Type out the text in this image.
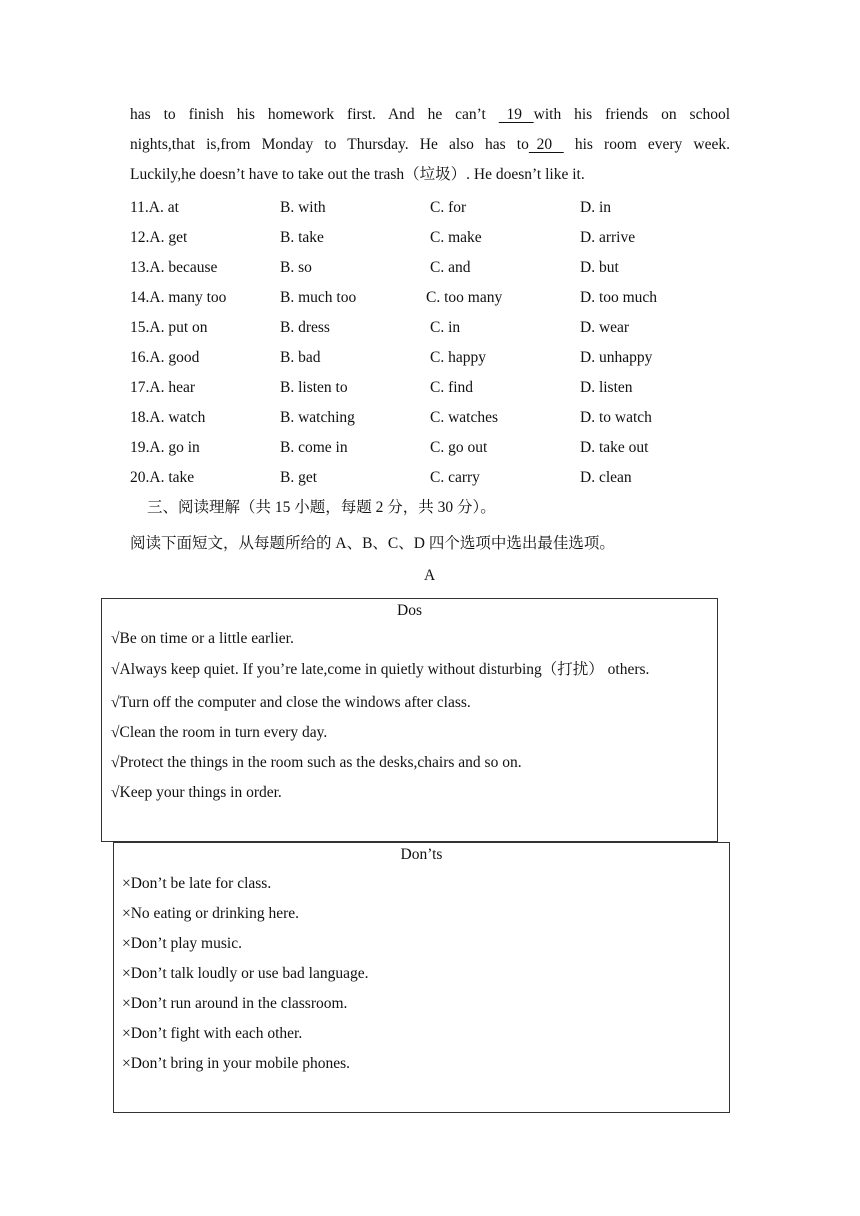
has to finish his homework first. And he can’t   19   with his friends on school
nights,that is,from Monday to Thursday. He also has to  20    his room every week.
Luckily,he doesn’t have to take out the trash（垃圾）. He doesn’t like it.
11.A. at	B. with	C. for	D. in
12.A. get	B. take	C. make	D. arrive
13.A. because	B. so	C. and	D. but
14.A. many too	B. much too	C. too many	D. too much
15.A. put on	B. dress	C. in	D. wear
16.A. good	B. bad	C. happy	D. unhappy
17.A. hear	B. listen to	C. find	D. listen
18.A. watch	B. watching	C. watches	D. to watch
19.A. go in	B. come in	C. go out	D. take out
20.A. take	B. get	C. carry	D. clean
三、阅读理解（共 15 小题，每题 2 分，共 30 分）。
阅读下面短文，从每题所给的 A、B、C、D 四个选项中选出最佳选项。
A
Dos
√Be on time or a little earlier.
√Always keep quiet. If you’re late,come in quietly without disturbing（打扰） others.
√Turn off the computer and close the windows after class.
√Clean the room in turn every day.
√Protect the things in the room such as the desks,chairs and so on.
√Keep your things in order.
Don’ts
×Don’t be late for class.
×No eating or drinking here.
×Don’t play music.
×Don’t talk loudly or use bad language.
×Don’t run around in the classroom.
×Don’t fight with each other.
×Don’t bring in your mobile phones.
